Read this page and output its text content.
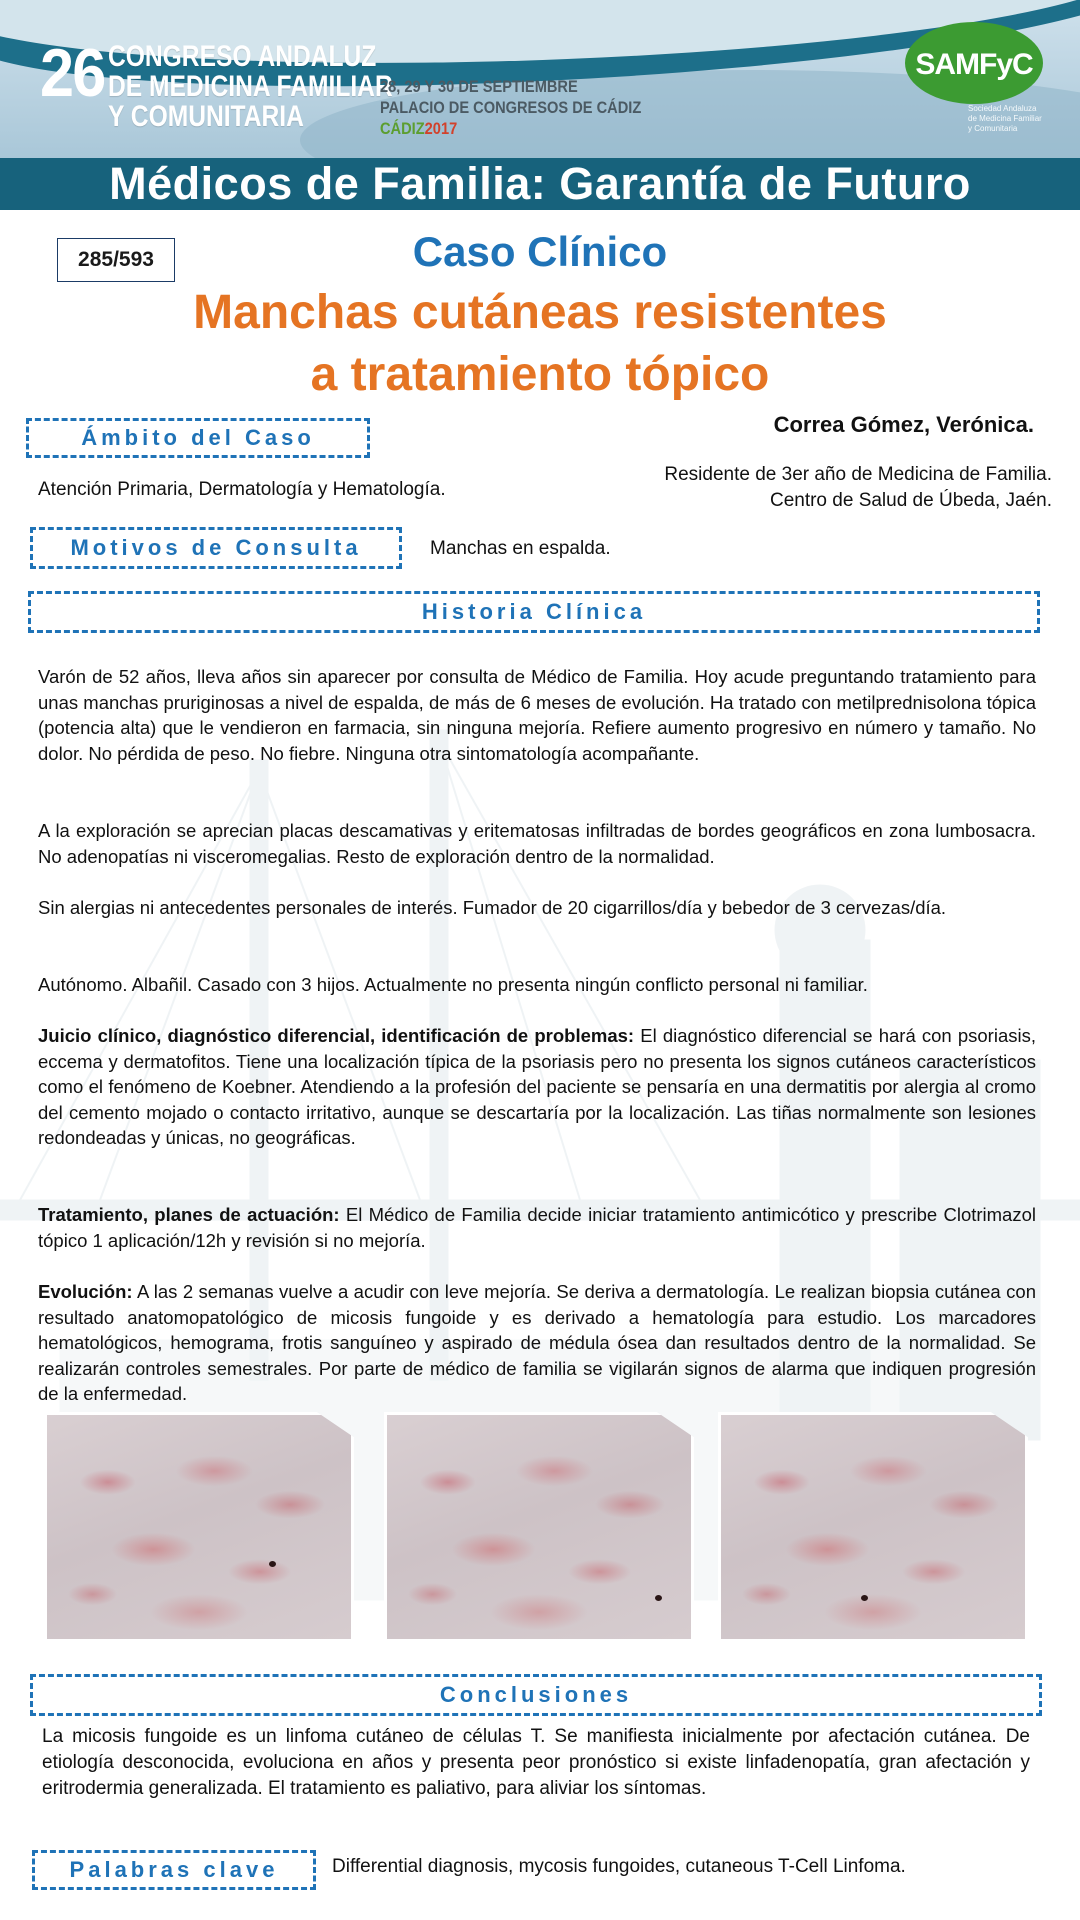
26 CONGRESO ANDALUZ
DE MEDICINA FAMILIAR
Y COMUNITARIA
28, 29 Y 30 DE SEPTIEMBRE
PALACIO DE CONGRESOS DE CÁDIZ
CÁDIZ2017
SAMFyC
Sociedad Andaluza
de Medicina Familiar
y Comunitaria
Médicos de Familia: Garantía de Futuro
285/593	Caso Clínico
Manchas cutáneas resistentes
a tratamiento tópico
Ámbito del Caso
Atención Primaria, Dermatología y Hematología.
Correa Gómez, Verónica.
Residente de 3er año de Medicina de Familia.
Centro de Salud de Úbeda, Jaén.
Motivos de Consulta	Manchas en espalda.
Historia Clínica
Varón de 52 años, lleva años sin aparecer por consulta de Médico de Familia. Hoy acude preguntando tratamiento para unas manchas pruriginosas a nivel de espalda, de más de 6 meses de evolución. Ha tratado con metilprednisolona tópica (potencia alta) que le vendieron en farmacia, sin ninguna mejoría. Refiere aumento progresivo en número y tamaño. No dolor. No pérdida de peso. No fiebre. Ninguna otra sintomatología acompañante.
A la exploración se aprecian placas descamativas y eritematosas infiltradas de bordes geográficos en zona lumbosacra. No adenopatías ni visceromegalias. Resto de exploración dentro de la normalidad.
Sin alergias ni antecedentes personales de interés. Fumador de 20 cigarrillos/día y bebedor de 3 cervezas/día.
Autónomo. Albañil. Casado con 3 hijos. Actualmente no presenta ningún conflicto personal ni familiar.
Juicio clínico, diagnóstico diferencial, identificación de problemas: El diagnóstico diferencial se hará con psoriasis, eccema y dermatofitos. Tiene una localización típica de la psoriasis pero no presenta los signos cutáneos característicos como el fenómeno de Koebner. Atendiendo a la profesión del paciente se pensaría en una dermatitis por alergia al cromo del cemento mojado o contacto irritativo, aunque se descartaría por la localización. Las tiñas normalmente son lesiones redondeadas y únicas, no geográficas.
Tratamiento, planes de actuación: El Médico de Familia decide iniciar tratamiento antimicótico y prescribe Clotrimazol tópico 1 aplicación/12h y revisión si no mejoría.
Evolución: A las 2 semanas vuelve a acudir con leve mejoría. Se deriva a dermatología. Le realizan biopsia cutánea con resultado anatomopatológico de micosis fungoide y es derivado a hematología para estudio. Los marcadores hematológicos, hemograma, frotis sanguíneo y aspirado de médula ósea dan resultados dentro de la normalidad. Se realizarán controles semestrales. Por parte de médico de familia se vigilarán signos de alarma que indiquen progresión de la enfermedad.
Conclusiones
La micosis fungoide es un linfoma cutáneo de células T. Se manifiesta inicialmente por afectación cutánea. De etiología desconocida, evoluciona en años y presenta peor pronóstico si existe linfadenopatía, gran afectación y eritrodermia generalizada. El tratamiento es paliativo, para aliviar los síntomas.
Palabras clave	Differential diagnosis, mycosis fungoides, cutaneous T-Cell Linfoma.
